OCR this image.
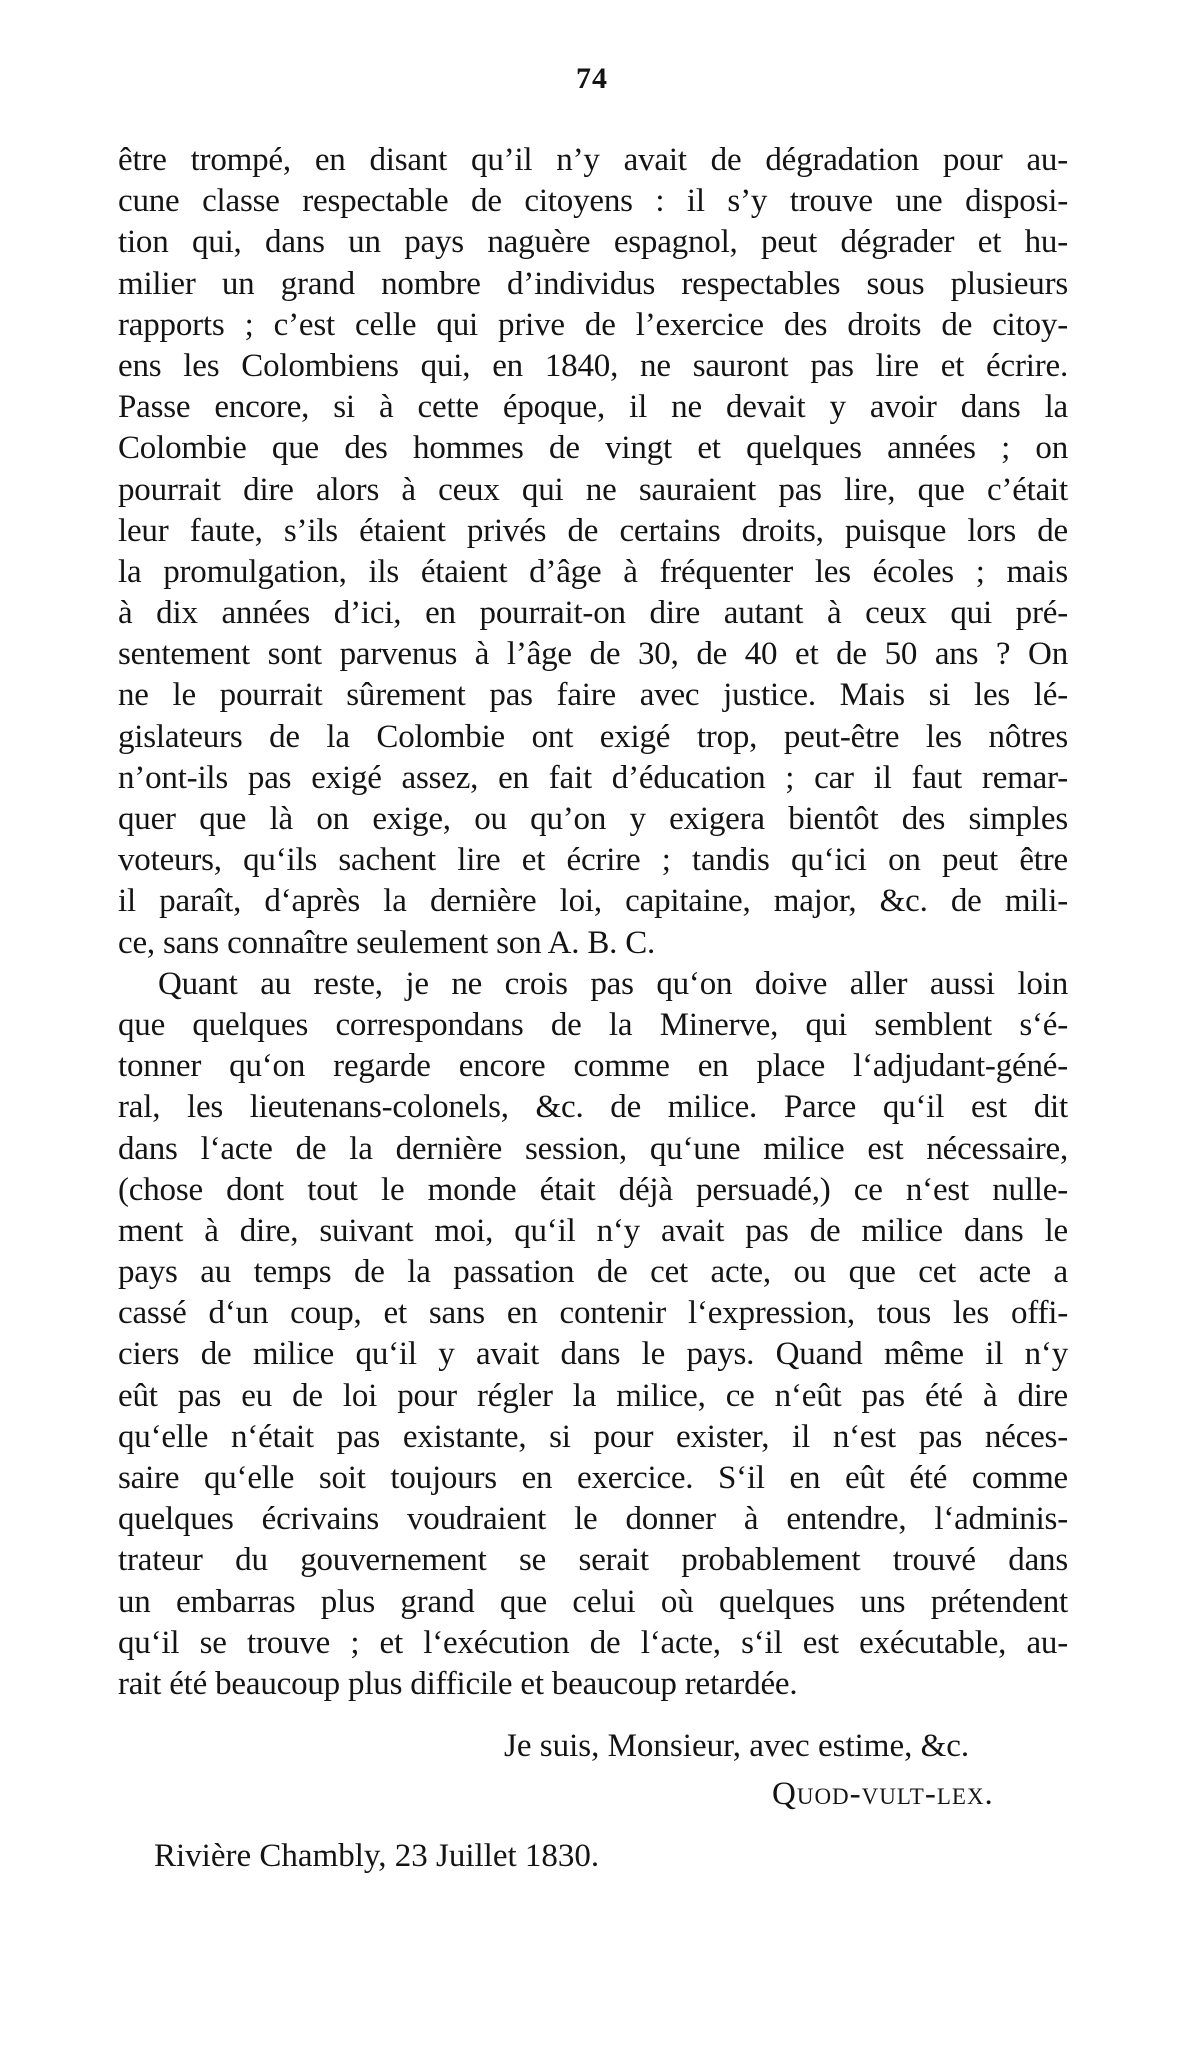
74
être trompé, en disant qu’il n’y avait de dégradation pour au-
cune classe respectable de citoyens : il s’y trouve une disposi-
tion qui, dans un pays naguère espagnol, peut dégrader et hu-
milier un grand nombre d’individus respectables sous plusieurs
rapports ; c’est celle qui prive de l’exercice des droits de citoy-
ens les Colombiens qui, en 1840, ne sauront pas lire et écrire.
Passe encore, si à cette époque, il ne devait y avoir dans la
Colombie que des hommes de vingt et quelques années ; on
pourrait dire alors à ceux qui ne sauraient pas lire, que c’était
leur faute, s’ils étaient privés de certains droits, puisque lors de
la promulgation, ils étaient d’âge à fréquenter les écoles ; mais
à dix années d’ici, en pourrait-on dire autant à ceux qui pré-
sentement sont parvenus à l’âge de 30, de 40 et de 50 ans ? On
ne le pourrait sûrement pas faire avec justice. Mais si les lé-
gislateurs de la Colombie ont exigé trop, peut-être les nôtres
n’ont-ils pas exigé assez, en fait d’éducation ; car il faut remar-
quer que là on exige, ou qu’on y exigera bientôt des simples
voteurs, qu‘ils sachent lire et écrire ; tandis qu‘ici on peut être
il paraît, d‘après la dernière loi, capitaine, major, &c. de mili-
ce, sans connaître seulement son A. B. C.
Quant au reste, je ne crois pas qu‘on doive aller aussi loin
que quelques correspondans de la Minerve, qui semblent s‘é-
tonner qu‘on regarde encore comme en place l‘adjudant-géné-
ral, les lieutenans-colonels, &c. de milice. Parce qu‘il est dit
dans l‘acte de la dernière session, qu‘une milice est nécessaire,
(chose dont tout le monde était déjà persuadé,) ce n‘est nulle-
ment à dire, suivant moi, qu‘il n‘y avait pas de milice dans le
pays au temps de la passation de cet acte, ou que cet acte a
cassé d‘un coup, et sans en contenir l‘expression, tous les offi-
ciers de milice qu‘il y avait dans le pays. Quand même il n‘y
eût pas eu de loi pour régler la milice, ce n‘eût pas été à dire
qu‘elle n‘était pas existante, si pour exister, il n‘est pas néces-
saire qu‘elle soit toujours en exercice. S‘il en eût été comme
quelques écrivains voudraient le donner à entendre, l‘adminis-
trateur du gouvernement se serait probablement trouvé dans
un embarras plus grand que celui où quelques uns prétendent
qu‘il se trouve ; et l‘exécution de l‘acte, s‘il est exécutable, au-
rait été beaucoup plus difficile et beaucoup retardée.
Je suis, Monsieur, avec estime, &c.
Quod-vult-lex.
Rivière Chambly, 23 Juillet 1830.
